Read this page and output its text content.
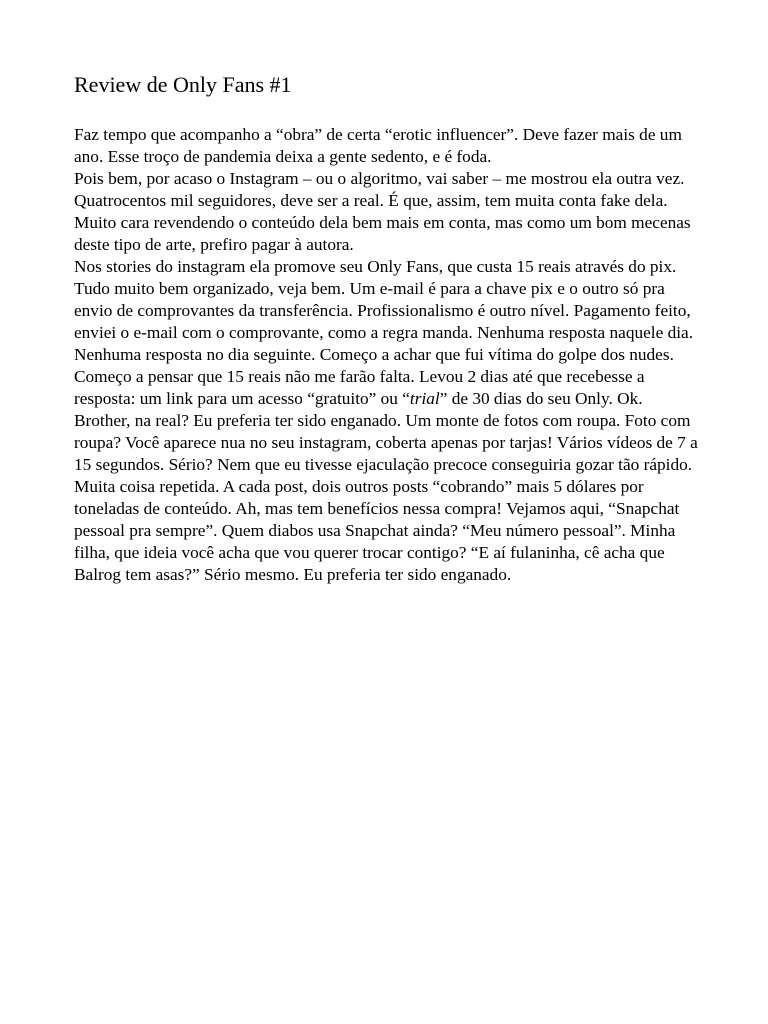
Review de Only Fans #1

Faz tempo que acompanho a “obra” de certa “erotic influencer”. Deve fazer mais de um ano. Esse troço de pandemia deixa a gente sedento, e é foda.

Pois bem, por acaso o Instagram – ou o algoritmo, vai saber – me mostrou ela outra vez. Quatrocentos mil seguidores, deve ser a real. É que, assim, tem muita conta fake dela. Muito cara revendendo o conteúdo dela bem mais em conta, mas como um bom mecenas deste tipo de arte, prefiro pagar à autora.

Nos stories do instagram ela promove seu Only Fans, que custa 15 reais através do pix. Tudo muito bem organizado, veja bem. Um e-mail é para a chave pix e o outro só pra envio de comprovantes da transferência. Profissionalismo é outro nível. Pagamento feito, enviei o e-mail com o comprovante, como a regra manda. Nenhuma resposta naquele dia. Nenhuma resposta no dia seguinte. Começo a achar que fui vítima do golpe dos nudes. Começo a pensar que 15 reais não me farão falta. Levou 2 dias até que recebesse a resposta: um link para um acesso “gratuito” ou “trial” de 30 dias do seu Only. Ok.

Brother, na real? Eu preferia ter sido enganado. Um monte de fotos com roupa. Foto com roupa? Você aparece nua no seu instagram, coberta apenas por tarjas! Vários vídeos de 7 a 15 segundos. Sério? Nem que eu tivesse ejaculação precoce conseguiria gozar tão rápido. Muita coisa repetida. A cada post, dois outros posts “cobrando” mais 5 dólares por toneladas de conteúdo. Ah, mas tem benefícios nessa compra! Vejamos aqui, “Snapchat pessoal pra sempre”. Quem diabos usa Snapchat ainda? “Meu número pessoal”. Minha filha, que ideia você acha que vou querer trocar contigo? “E aí fulaninha, cê acha que Balrog tem asas?” Sério mesmo. Eu preferia ter sido enganado.
